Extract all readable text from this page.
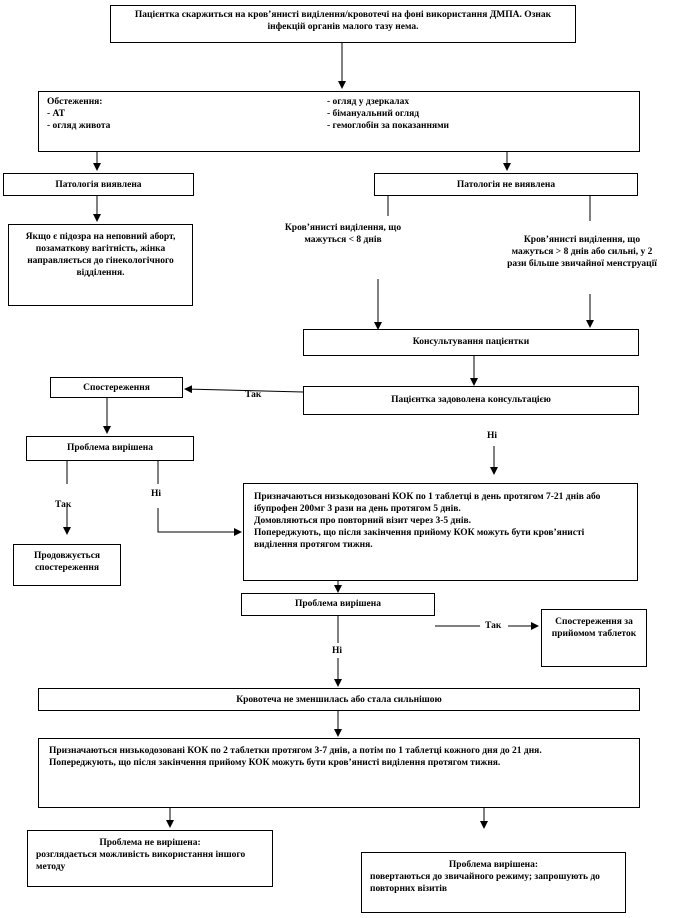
Пацієнтка скаржиться на кров’янисті виділення/кровотечі на фоні використання ДМПА. Ознак інфекцій органів малого тазу нема.
Обстеження:
- АТ
- огляд живота
- огляд у дзеркалах
- бімануальний огляд
- гемоглобін за показаннями
Патологія виявлена	Патологія не виявлена
Якщо є підозра на неповний аборт, позаматкову вагітність, жінка направляється до гінекологічного відділення.
Кров’янисті виділення, що мажуться < 8 днів	Кров’янисті виділення, що мажуться > 8 днів або сильні, у 2 рази більше звичайної менструації
Консультування пацієнтки
Спостереження
Пацієнтка задоволена консультацією
Так
Ні
Проблема вирішена
Так
Ні
Продовжується спостереження
Призначаються низькодозовані КОК по 1 таблетці в день протягом 7-21 днів або ібупрофен 200мг 3 рази на день протягом 5 днів.
Домовляються про повторний візит через 3-5 днів.
Попереджують, що після закінчення прийому КОК можуть бути кров’янисті виділення протягом тижня.
Проблема вирішена
Так
Ні
Спостереження за прийомом таблеток
Кровотеча не зменшилась або стала сильнішою
Призначаються низькодозовані КОК по 2 таблетки протягом 3-7 днів, а потім по 1 таблетці кожного дня до 21 дня.
Попереджують, що після закінчення прийому КОК можуть бути кров’янисті виділення протягом тижня.
Проблема не вирішена:
розглядається можливість використання іншого методу	Проблема вирішена:
повертаються до звичайного режиму; запрошують до повторних візитів
